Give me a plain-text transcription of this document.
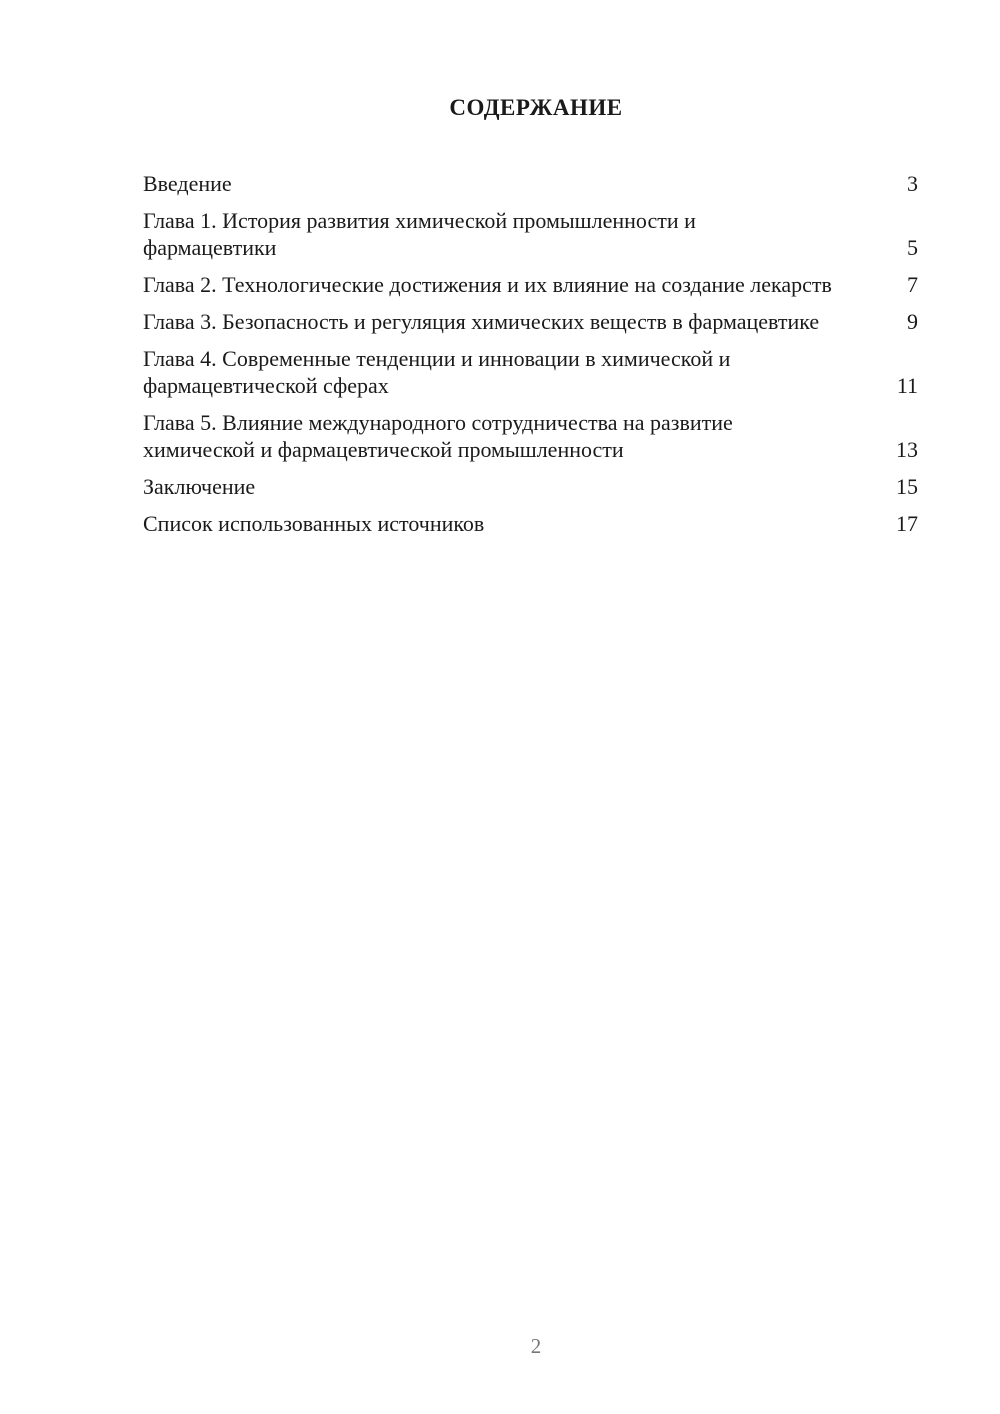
СОДЕРЖАНИЕ
Введение	3
Глава 1. История развития химической промышленности и фармацевтики	5
Глава 2. Технологические достижения и их влияние на создание лекарств	7
Глава 3. Безопасность и регуляция химических веществ в фармацевтике	9
Глава 4. Современные тенденции и инновации в химической и фармацевтической сферах	11
Глава 5. Влияние международного сотрудничества на развитие химической и фармацевтической промышленности	13
Заключение	15
Список использованных источников	17
2
